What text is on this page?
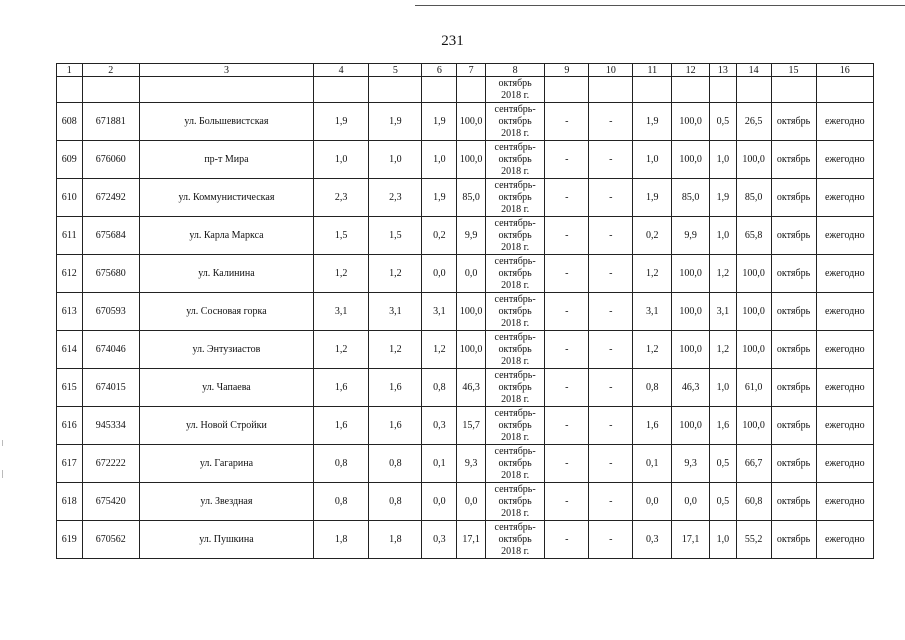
231
1	2	3	4	5	6	7	8	9	10	11	12	13	14	15	16

							октябрь
2018 г.								

608	671881	ул. Большевистская	1,9	1,9	1,9	100,0	сентябрь-
октябрь
2018 г.	-	-	1,9	100,0	0,5	26,5	октябрь	ежегодно
609	676060	пр-т Мира	1,0	1,0	1,0	100,0	сентябрь-
октябрь
2018 г.	-	-	1,0	100,0	1,0	100,0	октябрь	ежегодно
610	672492	ул. Коммунистическая	2,3	2,3	1,9	85,0	сентябрь-
октябрь
2018 г.	-	-	1,9	85,0	1,9	85,0	октябрь	ежегодно
611	675684	ул. Карла Маркса	1,5	1,5	0,2	9,9	сентябрь-
октябрь
2018 г.	-	-	0,2	9,9	1,0	65,8	октябрь	ежегодно
612	675680	ул. Калинина	1,2	1,2	0,0	0,0	сентябрь-
октябрь
2018 г.	-	-	1,2	100,0	1,2	100,0	октябрь	ежегодно
613	670593	ул. Сосновая горка	3,1	3,1	3,1	100,0	сентябрь-
октябрь
2018 г.	-	-	3,1	100,0	3,1	100,0	октябрь	ежегодно
614	674046	ул. Энтузиастов	1,2	1,2	1,2	100,0	сентябрь-
октябрь
2018 г.	-	-	1,2	100,0	1,2	100,0	октябрь	ежегодно
615	674015	ул. Чапаева	1,6	1,6	0,8	46,3	сентябрь-
октябрь
2018 г.	-	-	0,8	46,3	1,0	61,0	октябрь	ежегодно
616	945334	ул. Новой Стройки	1,6	1,6	0,3	15,7	сентябрь-
октябрь
2018 г.	-	-	1,6	100,0	1,6	100,0	октябрь	ежегодно
617	672222	ул. Гагарина	0,8	0,8	0,1	9,3	сентябрь-
октябрь
2018 г.	-	-	0,1	9,3	0,5	66,7	октябрь	ежегодно
618	675420	ул. Звездная	0,8	0,8	0,0	0,0	сентябрь-
октябрь
2018 г.	-	-	0,0	0,0	0,5	60,8	октябрь	ежегодно
619	670562	ул. Пушкина	1,8	1,8	0,3	17,1	сентябрь-
октябрь
2018 г.	-	-	0,3	17,1	1,0	55,2	октябрь	ежегодно
